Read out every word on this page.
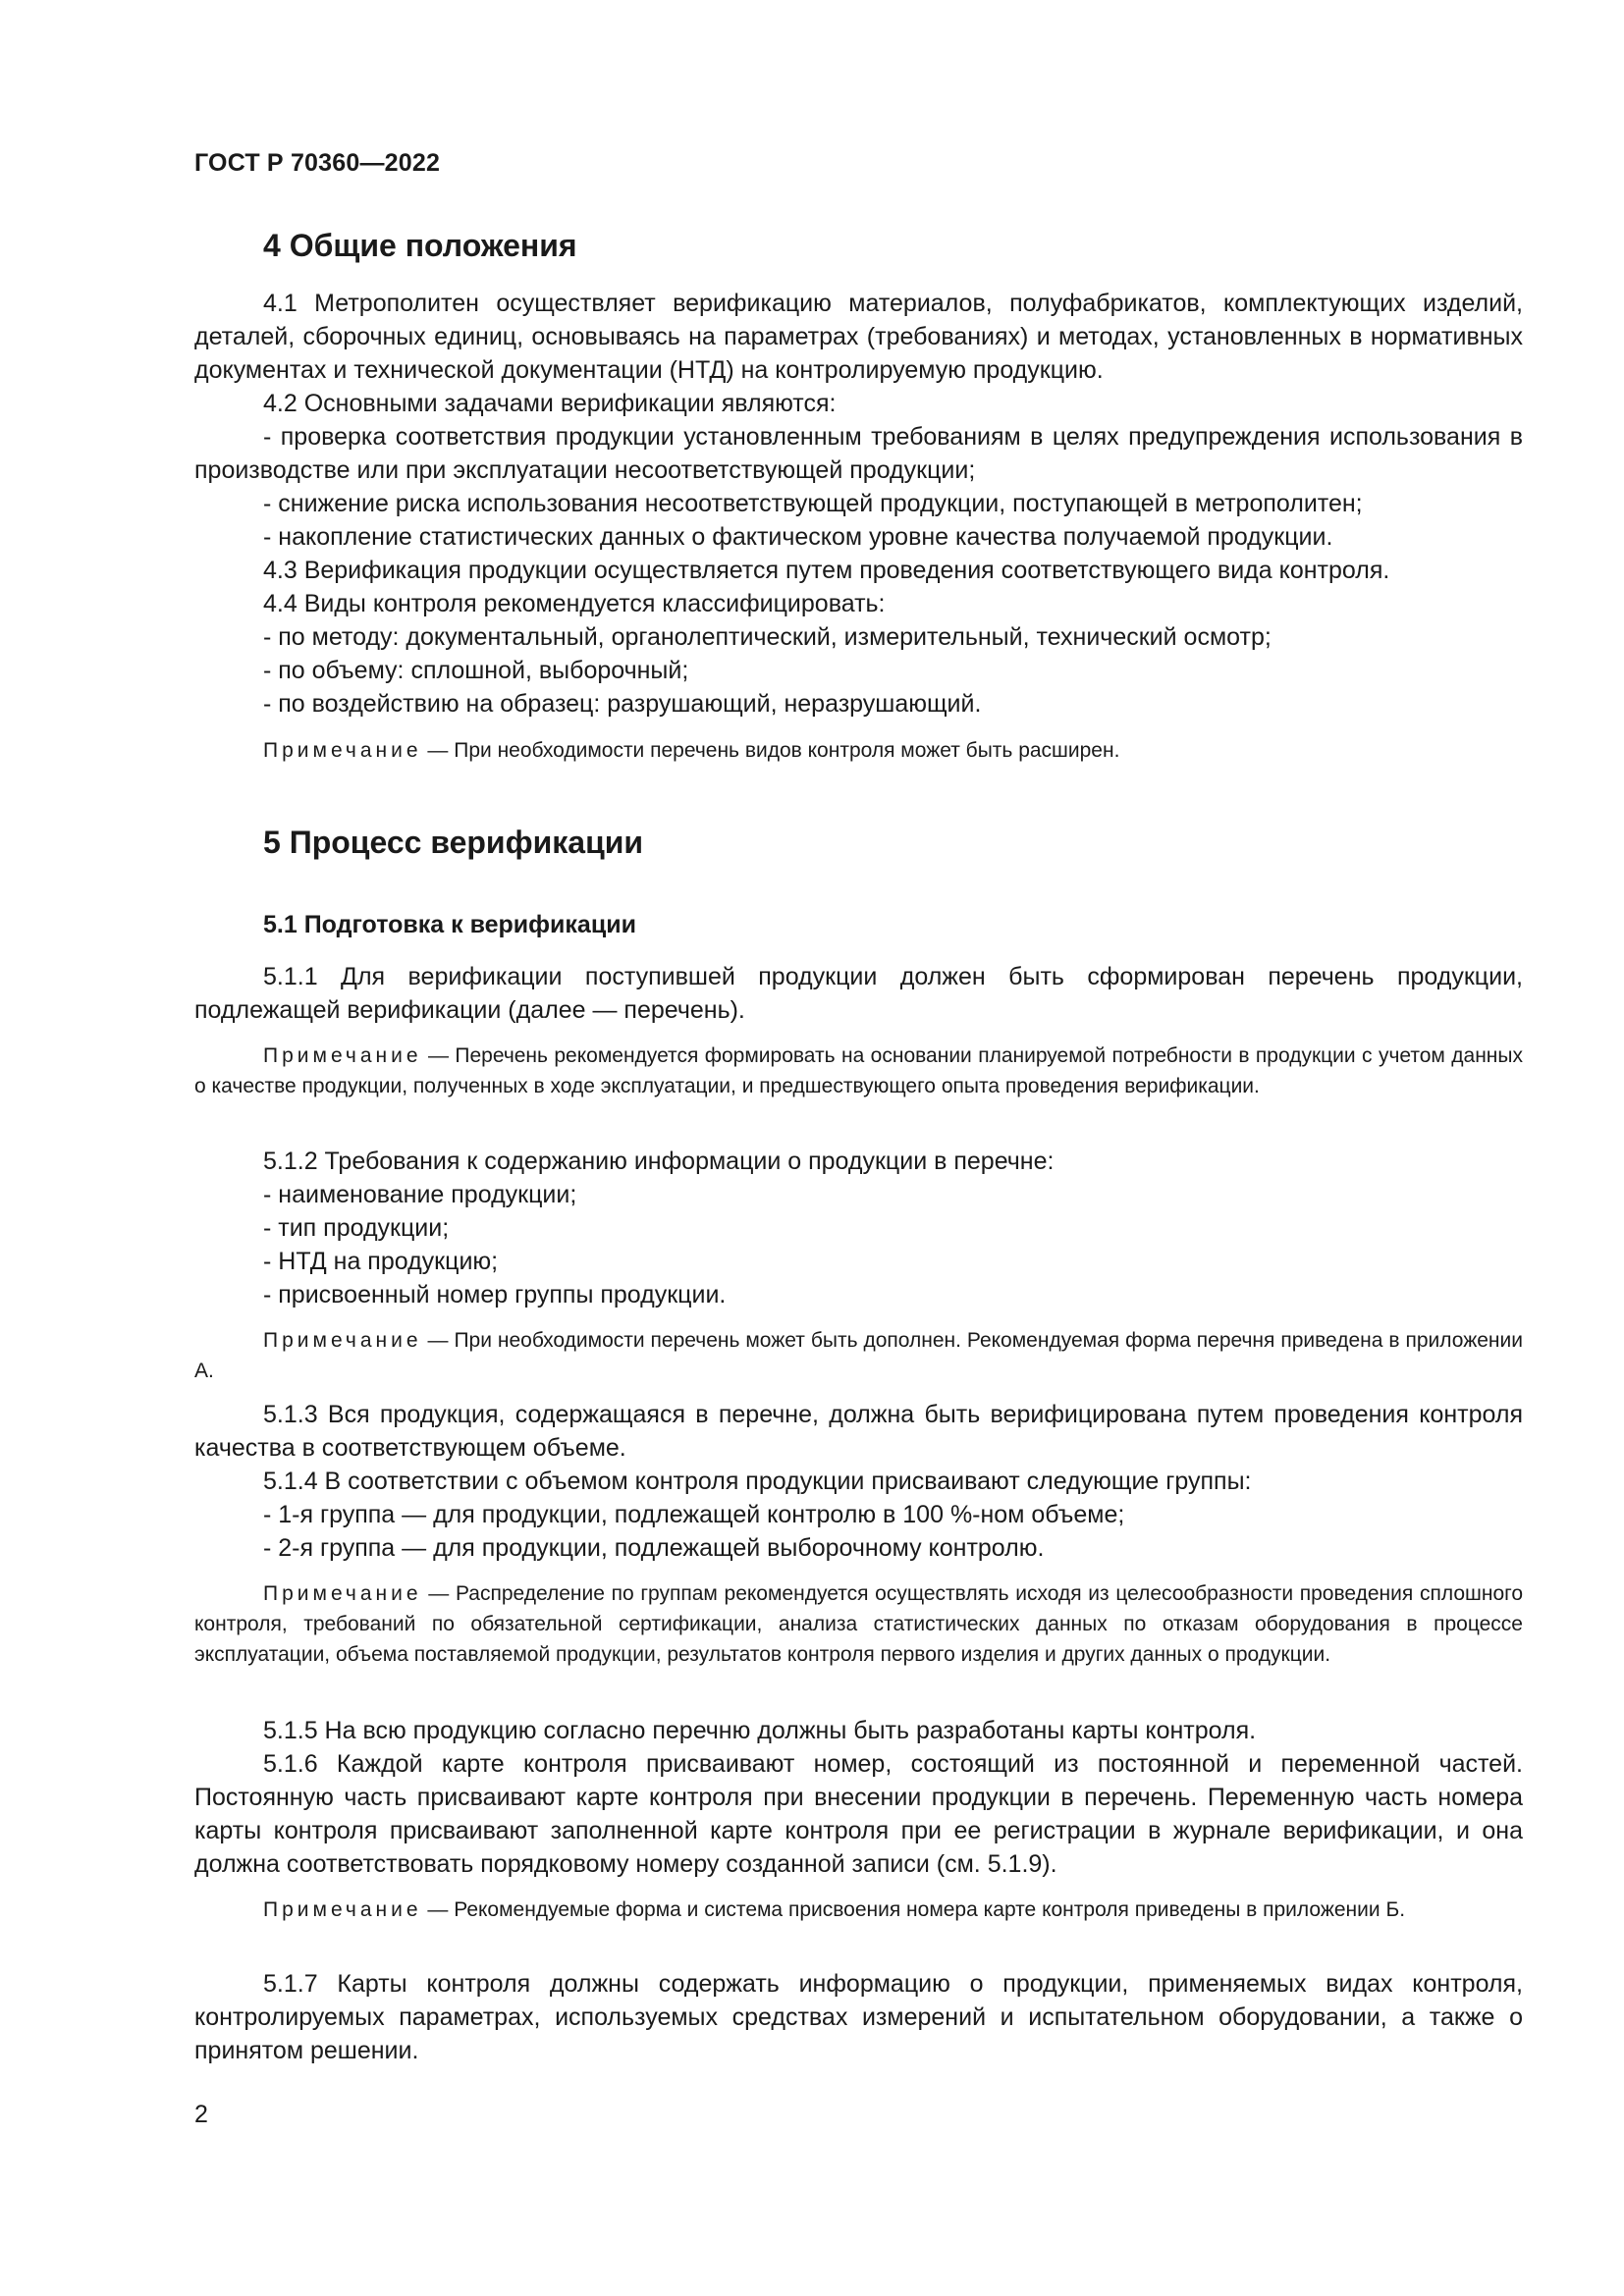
ГОСТ Р 70360—2022
4 Общие положения

4.1 Метрополитен осуществляет верификацию материалов, полуфабрикатов, комплектующих изделий, деталей, сборочных единиц, основываясь на параметрах (требованиях) и методах, установленных в нормативных документах и технической документации (НТД) на контролируемую продукцию.

4.2 Основными задачами верификации являются:

- проверка соответствия продукции установленным требованиям в целях предупреждения использования в производстве или при эксплуатации несоответствующей продукции;

- снижение риска использования несоответствующей продукции, поступающей в метрополитен;

- накопление статистических данных о фактическом уровне качества получаемой продукции.

4.3 Верификация продукции осуществляется путем проведения соответствующего вида контроля.

4.4 Виды контроля рекомендуется классифицировать:

- по методу: документальный, органолептический, измерительный, технический осмотр;

- по объему: сплошной, выборочный;

- по воздействию на образец: разрушающий, неразрушающий.

Примечание — При необходимости перечень видов контроля может быть расширен.

5 Процесс верификации
5.1 Подготовка к верификации

5.1.1 Для верификации поступившей продукции должен быть сформирован перечень продукции, подлежащей верификации (далее — перечень).

Примечание — Перечень рекомендуется формировать на основании планируемой потребности в продукции с учетом данных о качестве продукции, полученных в ходе эксплуатации, и предшествующего опыта проведения верификации.

5.1.2 Требования к содержанию информации о продукции в перечне:

- наименование продукции;

- тип продукции;

- НТД на продукцию;

- присвоенный номер группы продукции.

Примечание — При необходимости перечень может быть дополнен. Рекомендуемая форма перечня приведена в приложении А.

5.1.3 Вся продукция, содержащаяся в перечне, должна быть верифицирована путем проведения контроля качества в соответствующем объеме.

5.1.4 В соответствии с объемом контроля продукции присваивают следующие группы:

- 1-я группа — для продукции, подлежащей контролю в 100 %-ном объеме;

- 2-я группа — для продукции, подлежащей выборочному контролю.

Примечание — Распределение по группам рекомендуется осуществлять исходя из целесообразности проведения сплошного контроля, требований по обязательной сертификации, анализа статистических данных по отказам оборудования в процессе эксплуатации, объема поставляемой продукции, результатов контроля первого изделия и других данных о продукции.

5.1.5 На всю продукцию согласно перечню должны быть разработаны карты контроля.

5.1.6 Каждой карте контроля присваивают номер, состоящий из постоянной и переменной частей. Постоянную часть присваивают карте контроля при внесении продукции в перечень. Переменную часть номера карты контроля присваивают заполненной карте контроля при ее регистрации в журнале верификации, и она должна соответствовать порядковому номеру созданной записи (см. 5.1.9).

Примечание — Рекомендуемые форма и система присвоения номера карте контроля приведены в приложении Б.

5.1.7 Карты контроля должны содержать информацию о продукции, применяемых видах контроля, контролируемых параметрах, используемых средствах измерений и испытательном оборудовании, а также о принятом решении.

2
